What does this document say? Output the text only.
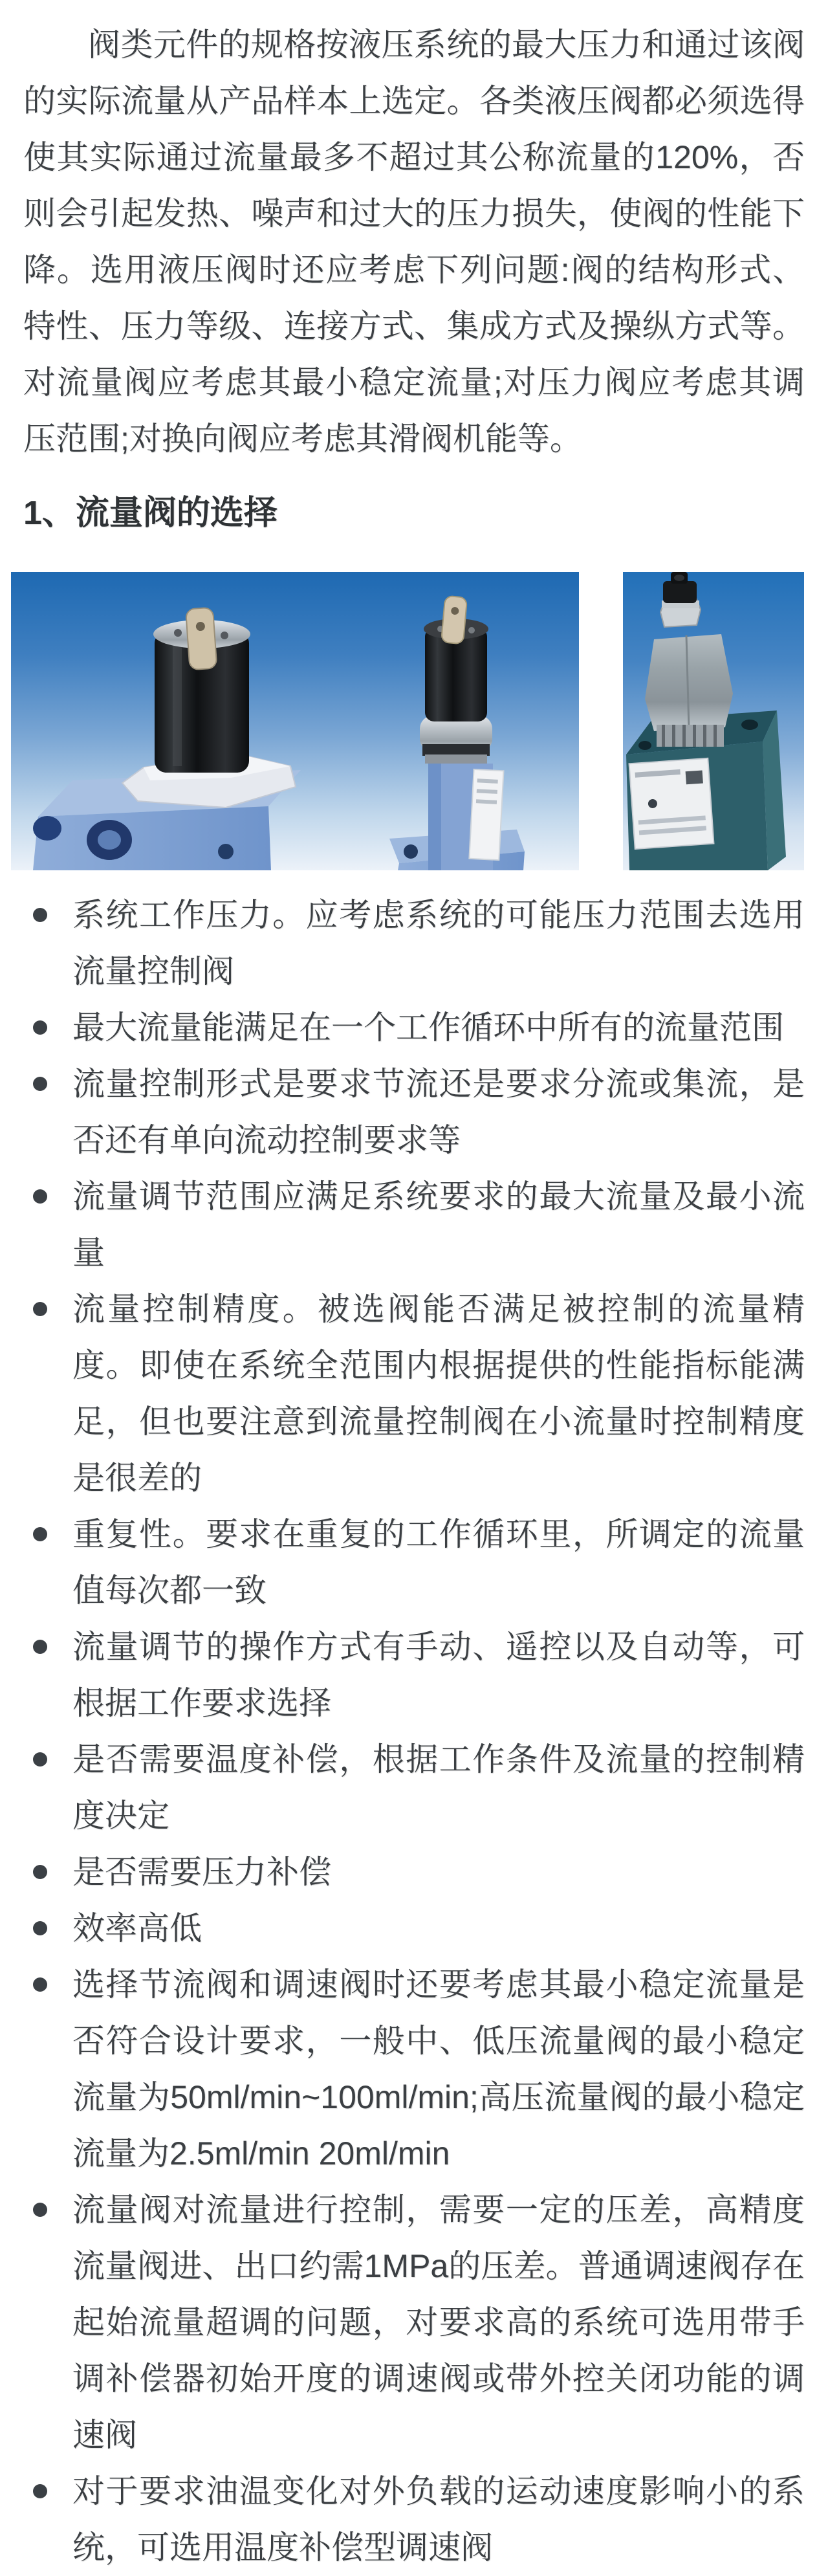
阀类元件的规格按液压系统的最大压力和通过该阀的实际流量从产品样本上选定。各类液压阀都必须选得使其实际通过流量最多不超过其公称流量的120%，否则会引起发热、噪声和过大的压力损失，使阀的性能下降。选用液压阀时还应考虑下列问题:阀的结构形式、特性、压力等级、连接方式、集成方式及操纵方式等。对流量阀应考虑其最小稳定流量;对压力阀应考虑其调压范围;对换向阀应考虑其滑阀机能等。

1、流量阀的选择
系统工作压力。应考虑系统的可能压力范围去选用流量控制阀
最大流量能满足在一个工作循环中所有的流量范围
流量控制形式是要求节流还是要求分流或集流，是否还有单向流动控制要求等
流量调节范围应满足系统要求的最大流量及最小流量
流量控制精度。被选阀能否满足被控制的流量精度。即使在系统全范围内根据提供的性能指标能满足，但也要注意到流量控制阀在小流量时控制精度是很差的
重复性。要求在重复的工作循环里，所调定的流量值每次都一致
流量调节的操作方式有手动、遥控以及自动等，可根据工作要求选择
是否需要温度补偿，根据工作条件及流量的控制精度决定
是否需要压力补偿
效率高低
选择节流阀和调速阀时还要考虑其最小稳定流量是否符合设计要求，一般中、低压流量阀的最小稳定流量为50ml/min~100ml/min;高压流量阀的最小稳定流量为2.5ml/min 20ml/min
流量阀对流量进行控制，需要一定的压差，高精度流量阀进、出口约需1MPa的压差。普通调速阀存在起始流量超调的问题，对要求高的系统可选用带手调补偿器初始开度的调速阀或带外控关闭功能的调速阀
对于要求油温变化对外负载的运动速度影响小的系统，可选用温度补偿型调速阀
